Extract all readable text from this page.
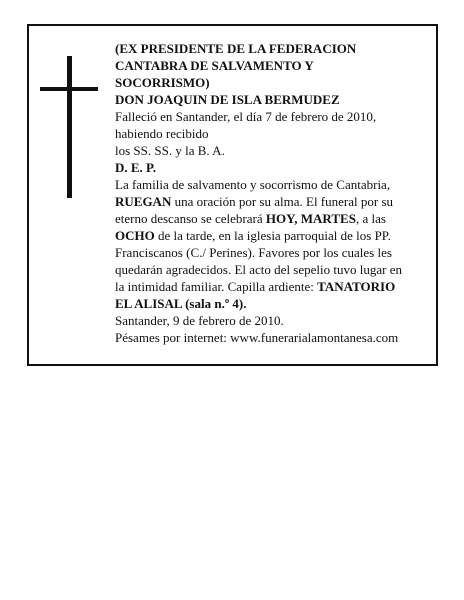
(EX PRESIDENTE DE LA FEDERACION

CANTABRA DE SALVAMENTO Y

SOCORRISMO)

DON JOAQUIN DE ISLA BERMUDEZ

Falleció en Santander, el día 7 de febrero de 2010,

habiendo recibido

los SS. SS. y la B. A.

D. E. P.

La familia de salvamento y socorrismo de Cantabria,

RUEGAN una oración por su alma. El funeral por su

eterno descanso se celebrará HOY, MARTES, a las

OCHO de la tarde, en la iglesia parroquial de los PP.

Franciscanos (C./ Perines). Favores por los cuales les

quedarán agradecidos. El acto del sepelio tuvo lugar en

la intimidad familiar. Capilla ardiente: TANATORIO

EL ALISAL (sala n.º 4).

Santander, 9 de febrero de 2010.

Pésames por internet: www.funerarialamontanesa.com
